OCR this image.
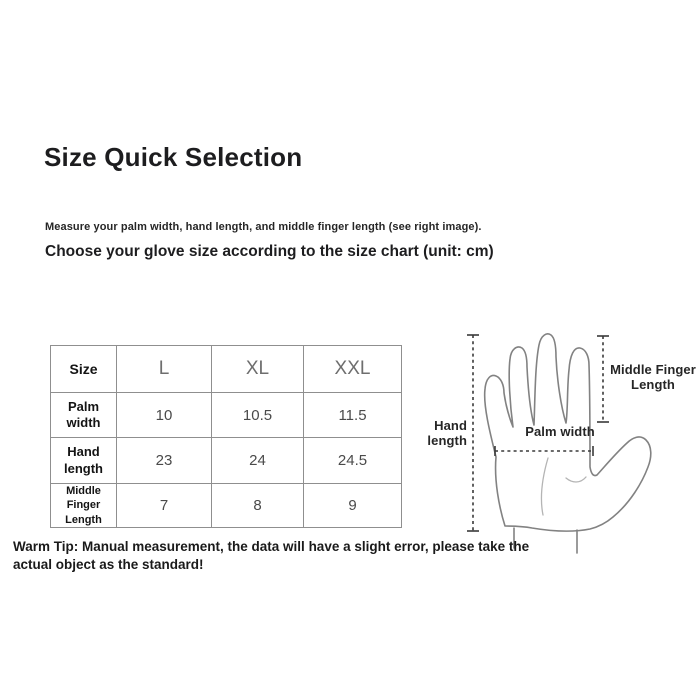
Size Quick Selection
Measure your palm width, hand length, and middle finger length (see right image).
Choose your glove size according to the size chart (unit: cm)
Size	L	XL	XXL
Palm width	10	10.5	11.5
Hand length	23	24	24.5
Middle Finger Length	7	8	9
Hand length
Palm width
Middle Finger Length
Warm Tip: Manual measurement, the data will have a slight error, please take the actual object as the standard!
